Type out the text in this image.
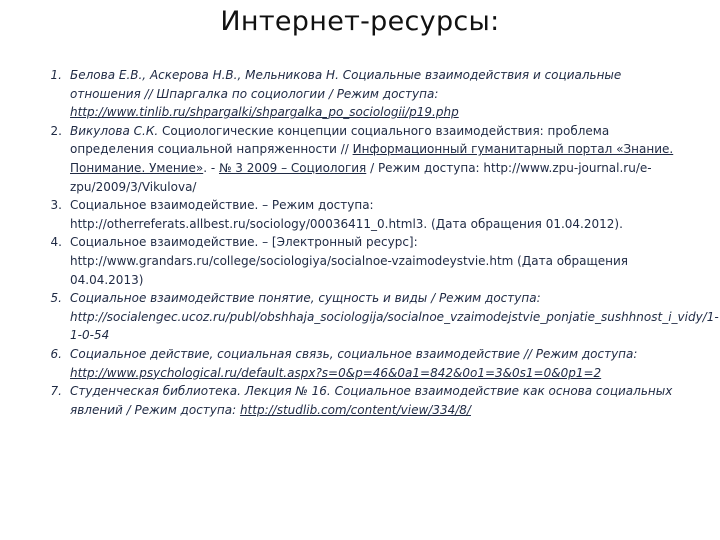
Интернет-ресурсы:
1. Белова Е.В., Аскерова Н.В., Мельникова Н. Социальные взаимодействия и социальные отношения // Шпаргалка по социологии / Режим доступа: http://www.tinlib.ru/shpargalki/shpargalka_po_sociologii/p19.php
2. Викулова С.К. Социологические концепции социального взаимодействия: проблема определения социальной напряженности // Информационный гуманитарный портал «Знание. Понимание. Умение». - № 3 2009 – Социология / Режим доступа: http://www.zpu-journal.ru/e-zpu/2009/3/Vikulova/
3. Социальное взаимодействие. – Режим доступа: http://otherreferats.allbest.ru/sociology/00036411_0.html3. (Дата обращения 01.04.2012).
4. Социальное взаимодействие. – [Электронный ресурс]: http://www.grandars.ru/college/sociologiya/socialnoe-vzaimodeystvie.htm (Дата обращения 04.04.2013)
5. Социальное взаимодействие понятие, сущность и виды / Режим доступа: http://socialengec.ucoz.ru/publ/obshhaja_sociologija/socialnoe_vzaimodejstvie_ponjatie_sushhnost_i_vidy/1-1-0-54
6. Социальное действие, социальная связь, социальное взаимодействие // Режим доступа: http://www.psychological.ru/default.aspx?s=0&p=46&0a1=842&0o1=3&0s1=0&0p1=2
7. Студенческая библиотека. Лекция № 16. Социальное взаимодействие как основа социальных явлений / Режим доступа: http://studlib.com/content/view/334/8/
